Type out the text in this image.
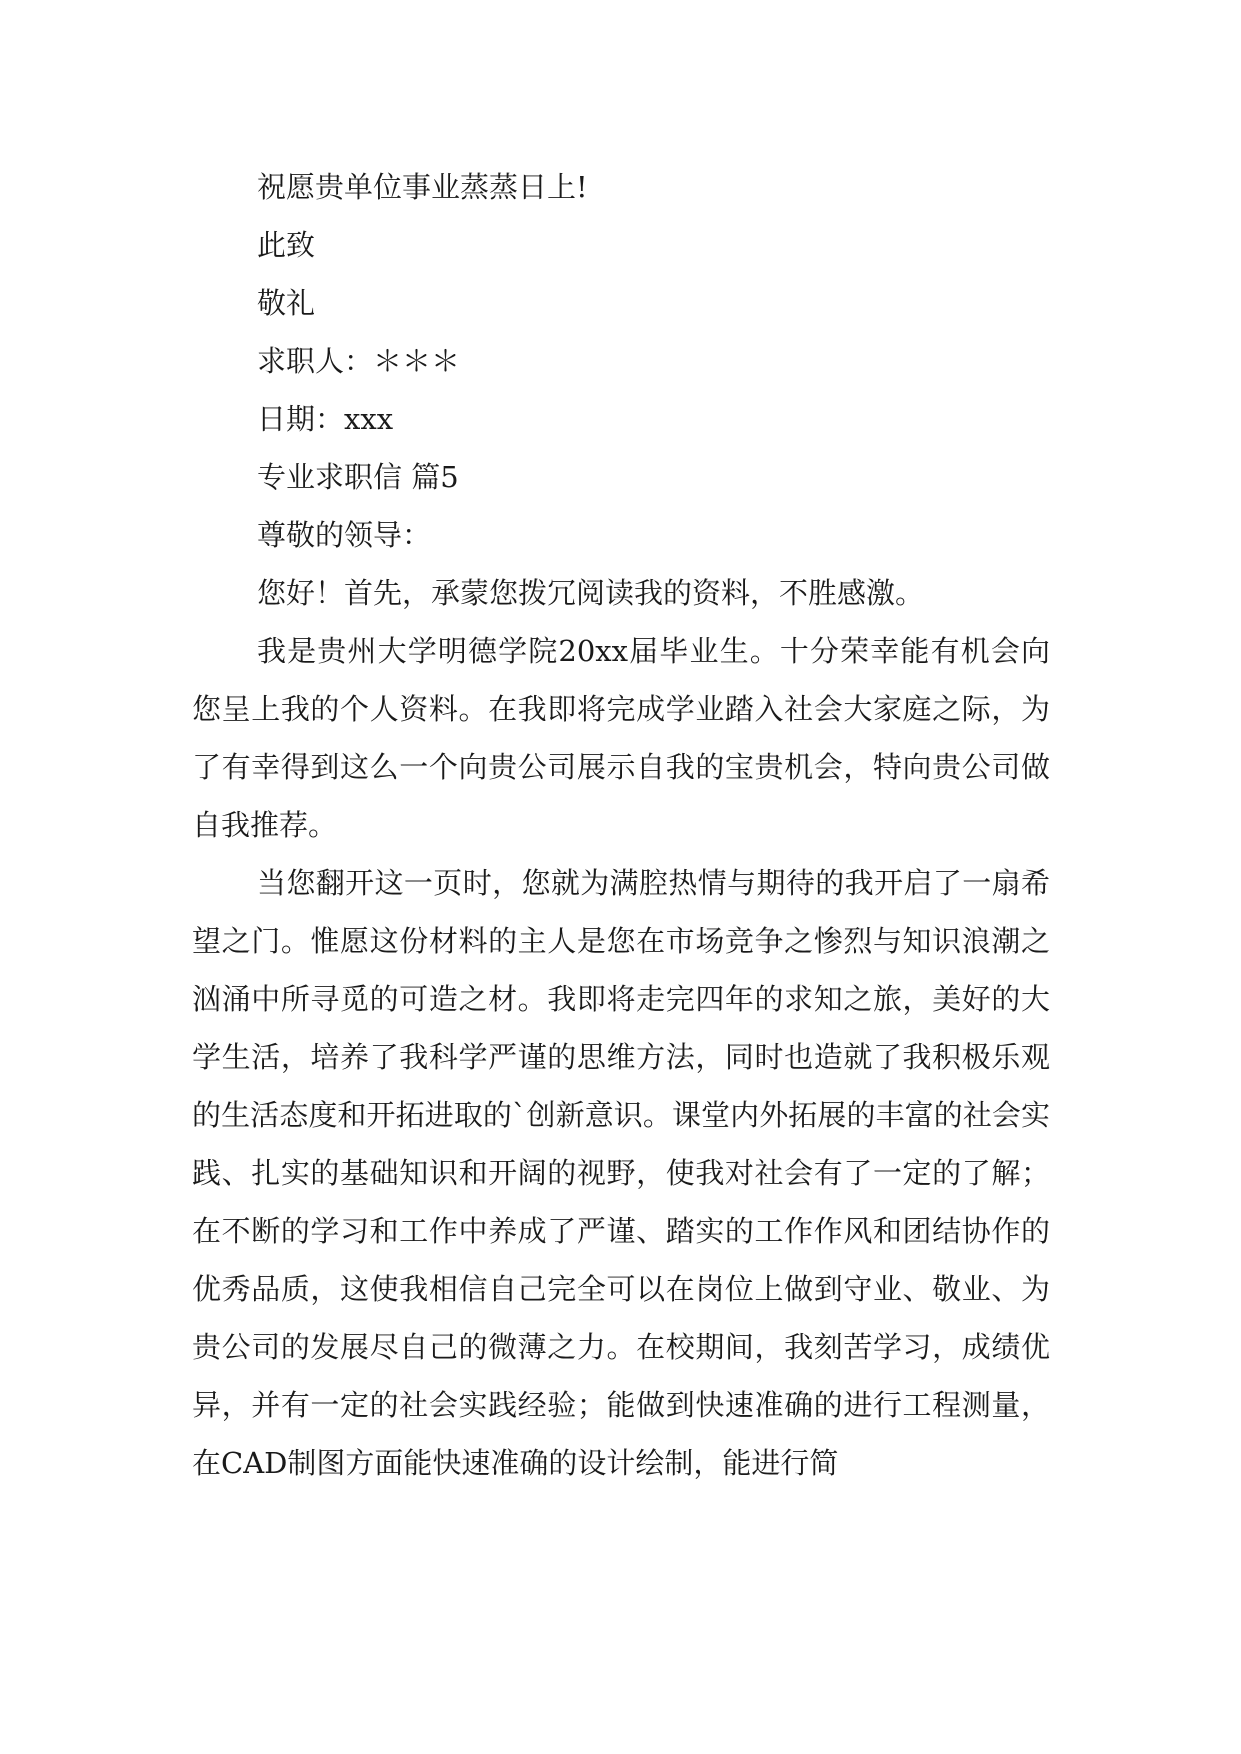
祝愿贵单位事业蒸蒸日上!

此致

敬礼

求职人：＊＊＊

日期：xxx

专业求职信 篇5

尊敬的领导：

您好！首先，承蒙您拨冗阅读我的资料，不胜感激。

我是贵州大学明德学院20xx届毕业生。十分荣幸能有机会向您呈上我的个人资料。在我即将完成学业踏入社会大家庭之际，为了有幸得到这么一个向贵公司展示自我的宝贵机会，特向贵公司做自我推荐。

当您翻开这一页时，您就为满腔热情与期待的我开启了一扇希望之门。惟愿这份材料的主人是您在市场竞争之惨烈与知识浪潮之汹涌中所寻觅的可造之材。我即将走完四年的求知之旅，美好的大学生活，培养了我科学严谨的思维方法，同时也造就了我积极乐观的生活态度和开拓进取的`创新意识。课堂内外拓展的丰富的社会实践、扎实的基础知识和开阔的视野，使我对社会有了一定的了解；在不断的学习和工作中养成了严谨、踏实的工作作风和团结协作的优秀品质，这使我相信自己完全可以在岗位上做到守业、敬业、为贵公司的发展尽自己的微薄之力。在校期间，我刻苦学习，成绩优异，并有一定的社会实践经验；能做到快速准确的进行工程测量，在CAD制图方面能快速准确的设计绘制，能进行简
